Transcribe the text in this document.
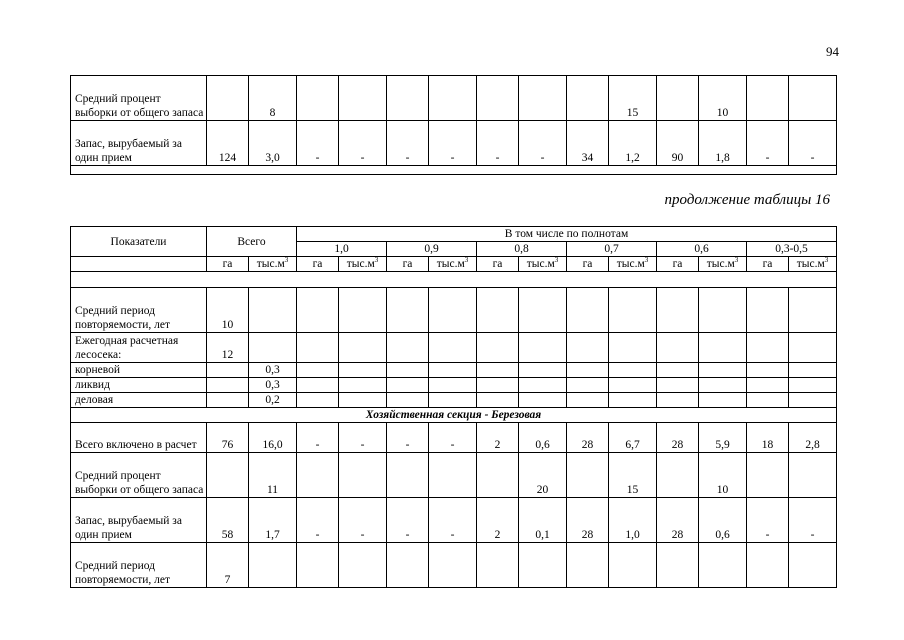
94
Средний процент выборки от общего запаса		8								15		10		
Запас, вырубаемый за один прием	124	3,0	-	-	-	-	-	-	34	1,2	90	1,8	-	-

продолжение таблицы 16
Показатели	Всего		В том числе по полнотам											
			1,0		0,9		0,8		0,7		0,6		0,3-0,5	
	га	$тыс.м^3$	га	$тыс.м^3$	га	$тыс.м^3$	га	$тыс.м^3$	га	$тыс.м^3$	га	$тыс.м^3$	га	$тыс.м^3$

Средний период повторяемости, лет	10													
Ежегодная расчетная лесосека:	12													
корневой		0,3												
ликвид		0,3												
деловая		0,2												
Хозяйственная секция - Березовая														
Всего включено в расчет	76	16,0	-	-	-	-	2	0,6	28	6,7	28	5,9	18	2,8
Средний процент выборки от общего запаса		11						20		15		10		
Запас, вырубаемый за один прием	58	1,7	-	-	-	-	2	0,1	28	1,0	28	0,6	-	-
Средний период повторяемости, лет	7													
